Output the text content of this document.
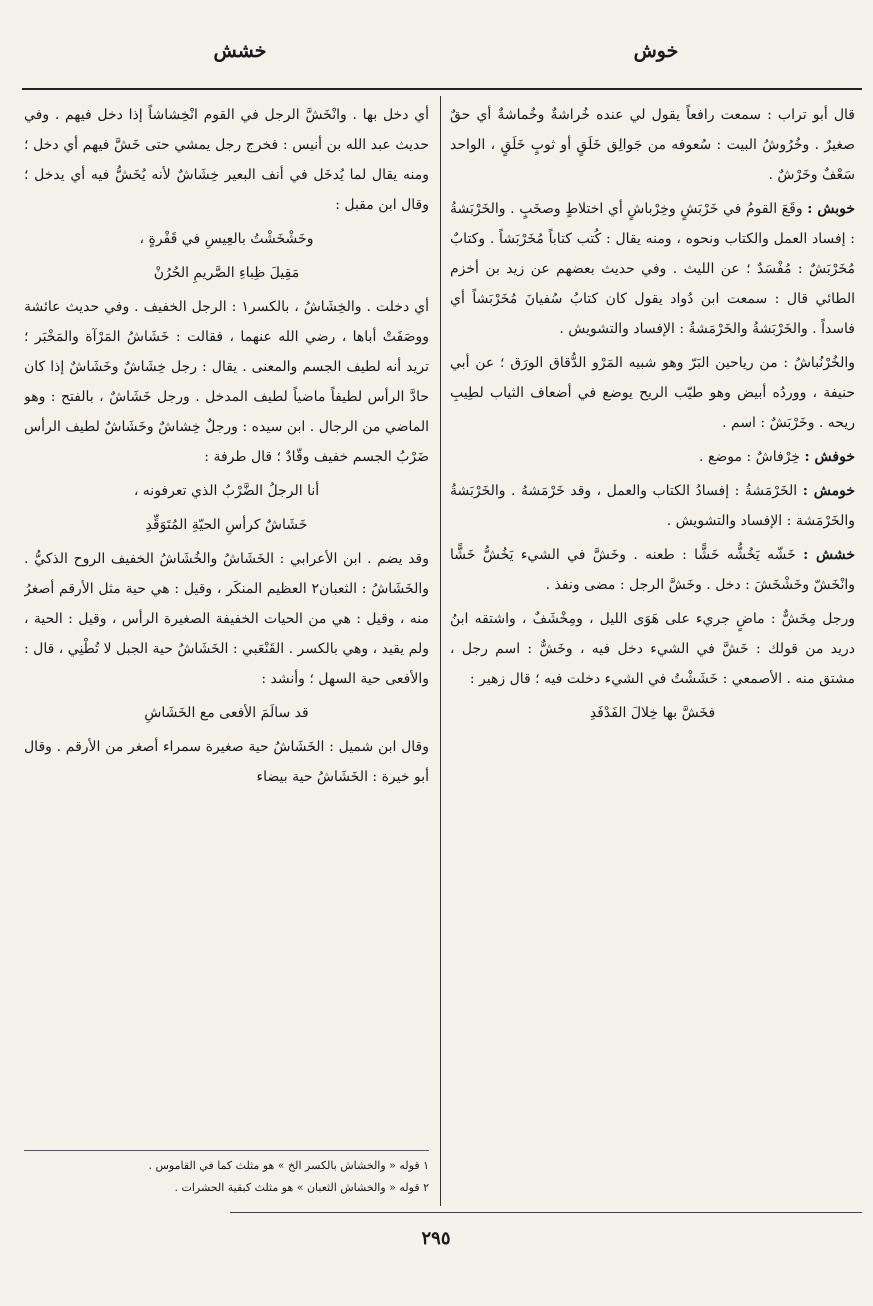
خوش
خشش

قال أبو تراب : سمعت رافعاً يقول لي عنده خُراشةٌ وخُماشةٌ أي حقٌ صغيرٌ . وخُرُوشُ البيت : سُعوفه من جَوالِق خَلَقٍ أو ثوبٍ خَلَقٍ ، الواحد سَعْفٌ وخَرْشٌ .

خوبش : وقَعَ القومُ في خَرْبَشٍ وخِرْباشٍ أي اختلاطٍ وصخَبٍ . والخَرْبَشةُ : إفساد العمل والكتاب ونحوه ، ومنه يقال : كُتب كتاباً مُخَرْبَشاً . وكتابٌ مُخَرْبَشٌ : مُفْسَدٌ ؛ عن الليث . وفي حديث بعضهم عن زيد بن أخزم الطائي قال : سمعت ابن دُواد يقول كان كتابُ سُفيانَ مُخَرْبَشاً أي فاسداً . والخَرْبَشةُ والخَرْمَشةُ : الإفساد والتشويش .

والخُرْنُباشُ : من رياحين البَرّ وهو شبيه المَرْو الدُّقاق الورَق ؛ عن أبي حنيفة ، ووردُه أبيض وهو طيّب الريح يوضع في أضعاف الثياب لطِيبِ ريحه . وخَرْبَشٌ : اسم .

خوفش : خِرْفاشٌ : موضع .

خومش : الخَرْمَشةُ : إفسادُ الكتاب والعمل ، وقد خَرْمَشهُ . والخَرْبَشةُ والخَرْمَشة : الإفساد والتشويش .

خشش : خَشّه يَخُشُّه خَشًّا : طعنه . وخَشَّ في الشيء يَخُشُّ خَشًّا وانْخَشّ وخَشْخَشَ : دخل . وخَشَّ الرجل : مضى ونفذ .

ورجل مِخَشٌّ : ماضٍ جريء على هَوَى الليل ، ومِخْشَفٌ ، واشتقه ابنُ دريد من قولك : خَشَّ في الشيء دخل فيه ، وخَشٌّ : اسم رجل ، مشتق منه . الأصمعي : خَشَشْتُ في الشيء دخلت فيه ؛ قال زهير :

فخَشَّ بها خِلالَ الفَدْفَدِ

أي دخل بها . وانْخَشَّ الرجل في القوم انْخِشاشاً إذا دخل فيهم . وفي حديث عبد الله بن أنيس : فخرج رجل يمشي حتى خَشَّ فيهم أي دخل ؛ ومنه يقال لما يُدخَل في أنف البعير خِشَاشٌ لأنه يُخَشُّ فيه أي يدخل ؛ وقال ابن مقبل :

وخَشْخَشْتُ بالعِيسِ في قَفْرةٍ ،

مَقِيلَ ظِباءِ الصَّريمِ الحُرُنْ

أي دخلت . والخِشَاشُ ، بالكسر١ : الرجل الخفيف . وفي حديث عائشة ووصَفَتْ أباها ، رضي الله عنهما ، فقالت : خَشَاشُ المَرْآة والمَخْبَر ؛ تريد أنه لطيف الجسم والمعنى . يقال : رجل خِشَاشٌ وخَشَاشٌ إذا كان حادَّ الرأس لطيفاً ماضياً لطيف المدخل . ورجل خَشَاشٌ ، بالفتح : وهو الماضي من الرجال . ابن سيده : ورجلٌ خِشاشٌ وخَشَاشٌ لطيف الرأس ضَرْبُ الجسم خفيف وقّادٌ ؛ قال طرفة :

أنا الرجلُ الضَّرْبُ الذي تعرفونه ،

خَشَاشٌ كرأسِ الحيّةِ المُتَوَقِّدِ

وقد يضم . ابن الأعرابي : الخَشَاشُ والخُشَاشُ الخفيف الروح الذكيُّ . والخَشَاشُ : الثعبان٢ العظيم المنكَر ، وقيل : هي حية مثل الأرقم أصغرُ منه ، وقيل : هي من الحيات الخفيفة الصغيرة الرأس ، وقيل : الحية ، ولم يقيد ، وهي بالكسر . القَنْعَبي : الخَشَاشُ حية الجبل لا تُطْنِي ، قال : والأفعى حية السهل ؛ وأنشد :

قد سالَمَ الأفعى مع الخَشَاشِ

وقال ابن شميل : الخَشَاشُ حية صغيرة سمراء أصغر من الأرقم . وقال أبو خيرة : الخَشَاشُ حية بيضاء

١ قوله « والخشاش بالكسر الخ » هو مثلث كما في القاموس .
٢ قوله « والخشاش الثعبان » هو مثلث كبقية الحشرات .
٢٩٥
